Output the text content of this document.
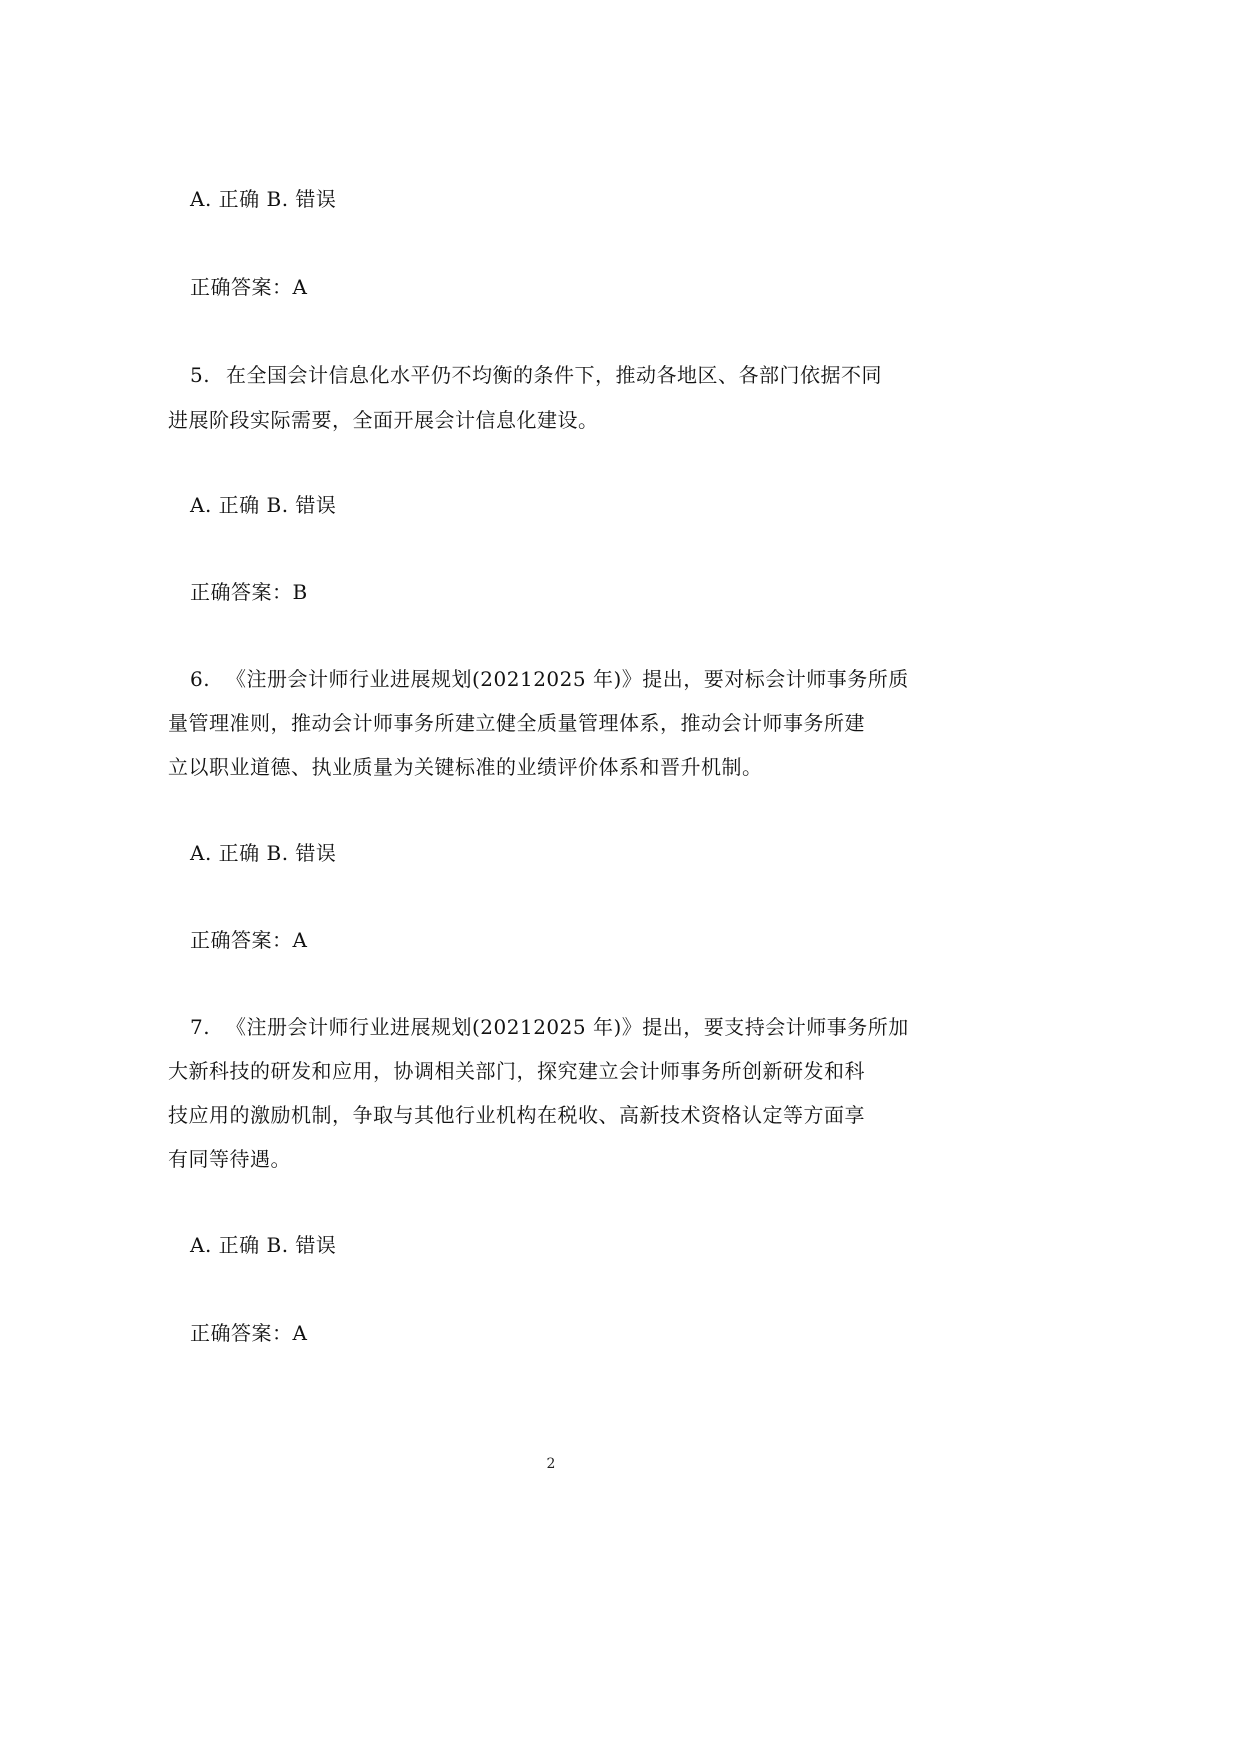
A. 正确 B. 错误
正确答案：A
5. 在全国会计信息化水平仍不均衡的条件下，推动各地区、各部门依据不同
进展阶段实际需要，全面开展会计信息化建设。
A. 正确 B. 错误
正确答案：B
6. 《注册会计师行业进展规划(20212025 年)》提出，要对标会计师事务所质
量管理准则，推动会计师事务所建立健全质量管理体系，推动会计师事务所建
立以职业道德、执业质量为关键标准的业绩评价体系和晋升机制。
A. 正确 B. 错误
正确答案：A
7. 《注册会计师行业进展规划(20212025 年)》提出，要支持会计师事务所加
大新科技的研发和应用，协调相关部门，探究建立会计师事务所创新研发和科
技应用的激励机制，争取与其他行业机构在税收、高新技术资格认定等方面享
有同等待遇。
A. 正确 B. 错误
正确答案：A
2
